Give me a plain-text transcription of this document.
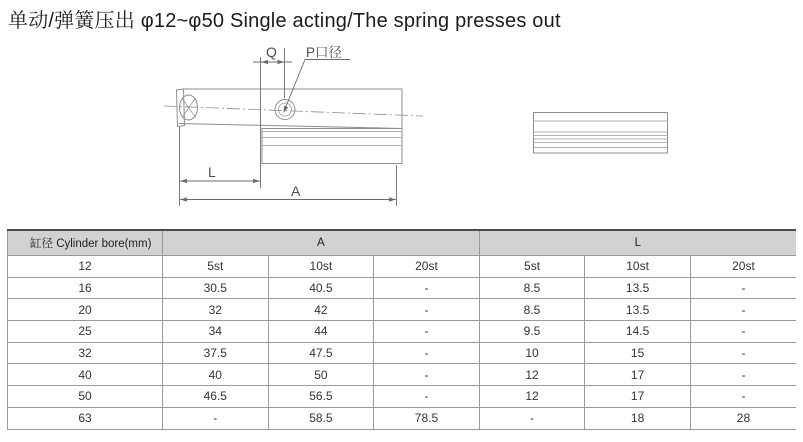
单动/弹簧压出 φ12~φ50 Single acting/The spring presses out
Q P口径
L
A
缸径 Cylinder bore(mm)	A			L		
12	5st	10st	20st	5st	10st	20st
16	30.5	40.5	-	8.5	13.5	-
20	32	42	-	8.5	13.5	-
25	34	44	-	9.5	14.5	-
32	37.5	47.5	-	10	15	-
40	40	50	-	12	17	-
50	46.5	56.5	-	12	17	-
63	-	58.5	78.5	-	18	28
